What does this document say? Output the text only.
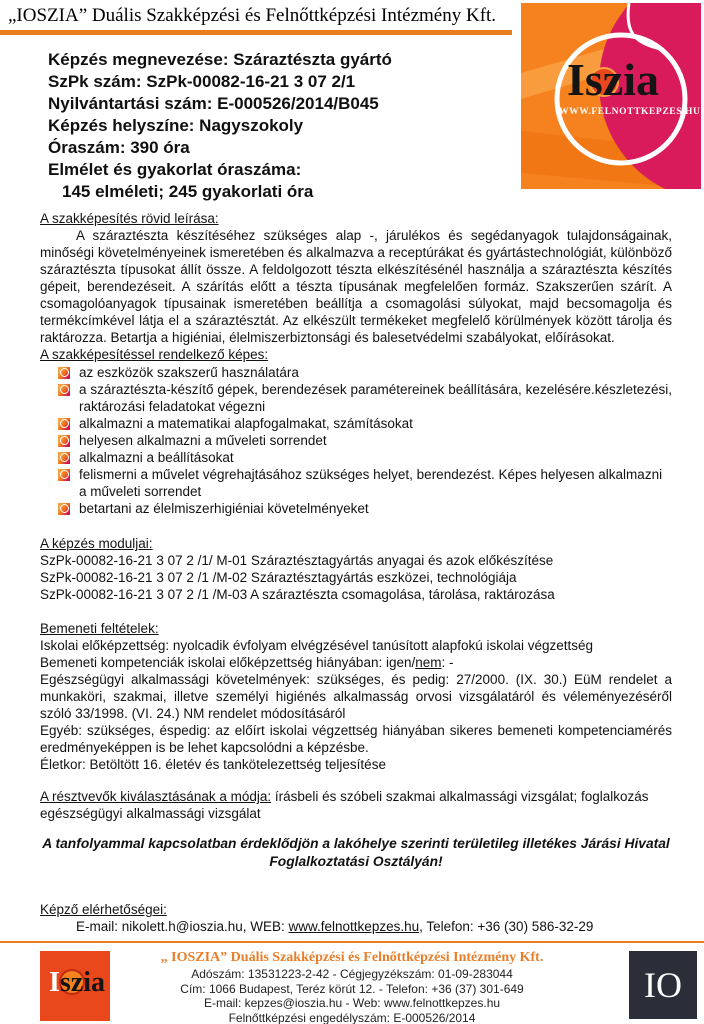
„IOSZIA” Duális Szakképzési és Felnőttképzési Intézmény Kft.
Iszia
WWW.FELNOTTKEPZES.HU
Képzés megnevezése: Száraztészta gyártó
SzPk szám: SzPk-00082-16-21 3 07 2/1
Nyilvántartási szám: E-000526/2014/B045
Képzés helyszíne: Nagyszokoly
Óraszám: 390 óra
Elmélet és gyakorlat óraszáma:
145 elméleti; 245 gyakorlati óra
A szakképesítés rövid leírása:

A száraztészta készítéséhez szükséges alap -, járulékos és segédanyagok tulajdonságainak, minőségi követelményeinek ismeretében és alkalmazva a receptúrákat és gyártástechnológiát, különböző száraztészta típusokat állít össze. A feldolgozott tészta elkészítésénél használja a száraztészta készítés gépeit, berendezéseit. A szárítás előtt a tészta típusának megfelelően formáz. Szakszerűen szárít. A csomagolóanyagok típusainak ismeretében beállítja a csomagolási súlyokat, majd becsomagolja és termékcímkével látja el a száraztésztát. Az elkészült termékeket megfelelő körülmények között tárolja és raktározza. Betartja a higiéniai, élelmiszerbiztonsági és balesetvédelmi szabályokat, előírásokat.

A szakképesítéssel rendelkező képes:
az eszközök szakszerű használatára
a száraztészta-készítő gépek, berendezések paramétereinek beállítására, kezelésére.készletezési, raktározási feladatokat végezni
alkalmazni a matematikai alapfogalmakat, számításokat
helyesen alkalmazni a műveleti sorrendet
alkalmazni a beállításokat
felismerni a művelet végrehajtásához szükséges helyet, berendezést. Képes helyesen alkalmazni a műveleti sorrendet
betartani az élelmiszerhigiéniai követelményeket
A képzés moduljai:
SzPk-00082-16-21 3 07 2 /1/ M-01 Száraztésztagyártás anyagai és azok előkészítése
SzPk-00082-16-21 3 07 2 /1 /M-02 Száraztésztagyártás eszközei, technológiája
SzPk-00082-16-21 3 07 2 /1 /M-03 A száraztészta csomagolása, tárolása, raktározása
Bemeneti feltételek:
Iskolai előképzettség: nyolcadik évfolyam elvégzésével tanúsított alapfokú iskolai végzettség
Bemeneti kompetenciák iskolai előképzettség hiányában: igen/nem: -
Egészségügyi alkalmassági követelmények: szükséges, és pedig: 27/2000. (IX. 30.) EüM rendelet a munkaköri, szakmai, illetve személyi higiénés alkalmasság orvosi vizsgálatáról és véleményezéséről szóló 33/1998. (VI. 24.) NM rendelet módosításáról
Egyéb: szükséges, éspedig: az előírt iskolai végzettség hiányában sikeres bemeneti kompetenciamérés eredményeképpen is be lehet kapcsolódni a képzésbe.
Életkor: Betöltött 16. életév és tankötelezettség teljesítése

A résztvevők kiválasztásának a módja: írásbeli és szóbeli szakmai alkalmassági vizsgálat; foglalkozás egészségügyi alkalmassági vizsgálat

A tanfolyammal kapcsolatban érdeklődjön a lakóhelye szerinti területileg illetékes Járási Hivatal Foglalkoztatási Osztályán!

Képző elérhetőségei:
E-mail: nikolett.h@ioszia.hu, WEB: www.felnottkepzes.hu, Telefon: +36 (30) 586-32-29
Iszia
„ IOSZIA” Duális Szakképzési és Felnőttképzési Intézmény Kft.
Adószám: 13531223-2-42 - Cégjegyzékszám: 01-09-283044
Cím: 1066 Budapest, Teréz körút 12. - Telefon: +36 (37) 301-649
E-mail: kepzes@ioszia.hu - Web: www.felnottkepzes.hu
Felnőttképzési engedélyszám: E-000526/2014
IO
